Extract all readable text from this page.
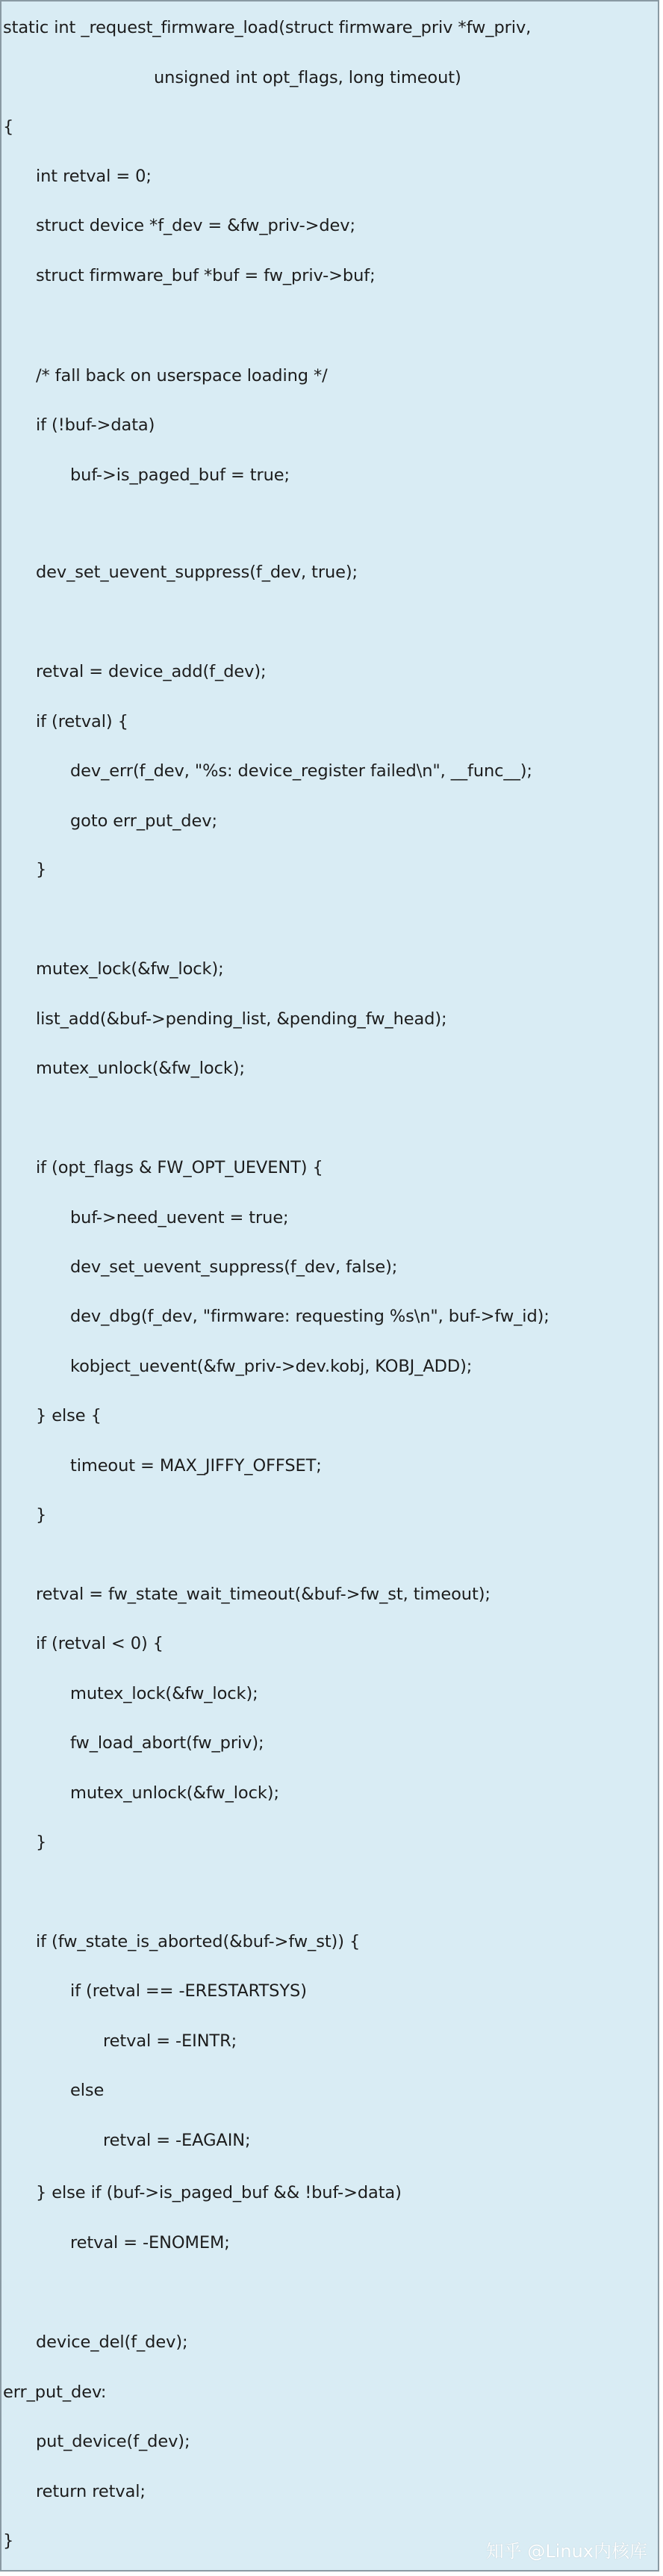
static int _request_firmware_load(struct firmware_priv *fw_priv,
unsigned int opt_flags, long timeout)
{
int retval = 0;
struct device *f_dev = &fw_priv->dev;
struct firmware_buf *buf = fw_priv->buf;
/* fall back on userspace loading */
if (!buf->data)
buf->is_paged_buf = true;
dev_set_uevent_suppress(f_dev, true);
retval = device_add(f_dev);
if (retval) {
dev_err(f_dev, "%s: device_register failed\n", __func__);
goto err_put_dev;
}
mutex_lock(&fw_lock);
list_add(&buf->pending_list, &pending_fw_head);
mutex_unlock(&fw_lock);
if (opt_flags & FW_OPT_UEVENT) {
buf->need_uevent = true;
dev_set_uevent_suppress(f_dev, false);
dev_dbg(f_dev, "firmware: requesting %s\n", buf->fw_id);
kobject_uevent(&fw_priv->dev.kobj, KOBJ_ADD);
} else {
timeout = MAX_JIFFY_OFFSET;
}
retval = fw_state_wait_timeout(&buf->fw_st, timeout);
if (retval < 0) {
mutex_lock(&fw_lock);
fw_load_abort(fw_priv);
mutex_unlock(&fw_lock);
}
if (fw_state_is_aborted(&buf->fw_st)) {
if (retval == -ERESTARTSYS)
retval = -EINTR;
else
retval = -EAGAIN;
} else if (buf->is_paged_buf && !buf->data)
retval = -ENOMEM;
device_del(f_dev);
err_put_dev:
put_device(f_dev);
return retval;
}	知乎 @Linux内核库
